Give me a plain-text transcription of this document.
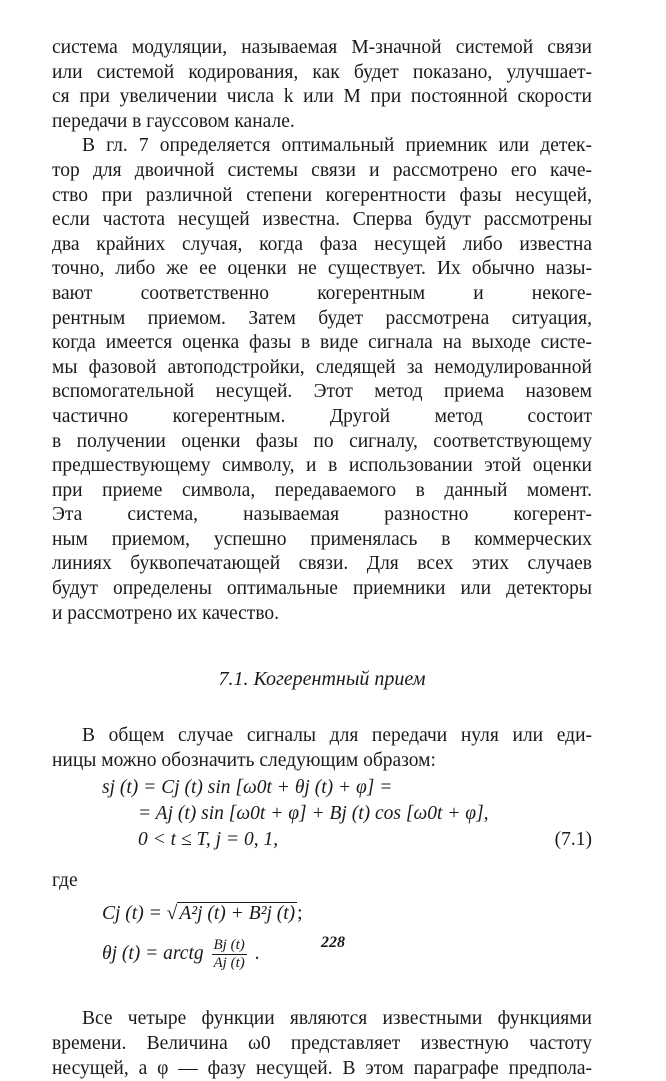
система модуляции, называемая M-значной системой связи
или системой кодирования, как будет показано, улучшает-
ся при увеличении числа k или M при постоянной скорости
передачи в гауссовом канале.

В гл. 7 определяется оптимальный приемник или детек-
тор для двоичной системы связи и рассмотрено его каче-
ство при различной степени когерентности фазы несущей,
если частота несущей известна. Сперва будут рассмотрены
два крайних случая, когда фаза несущей либо известна
точно, либо же ее оценки не существует. Их обычно назы-
вают соответственно когерентным и некоге-
рентным приемом. Затем будет рассмотрена ситуация,
когда имеется оценка фазы в виде сигнала на выходе систе-
мы фазовой автоподстройки, следящей за немодулированной
вспомогательной несущей. Этот метод приема назовем
частично когерентным. Другой метод состоит
в получении оценки фазы по сигналу, соответствующему
предшествующему символу, и в использовании этой оценки
при приеме символа, передаваемого в данный момент.
Эта система, называемая разностно когерент-
ным приемом, успешно применялась в коммерческих
линиях буквопечатающей связи. Для всех этих случаев
будут определены оптимальные приемники или детекторы
и рассмотрено их качество.

7.1. Когерентный прием

В общем случае сигналы для передачи нуля или еди-
ницы можно обозначить следующим образом:

sj (t) = Cj (t) sin [ω0t + θj (t) + φ] =
= Aj (t) sin [ω0t + φ] + Bj (t) cos [ω0t + φ],
0 < t ≤ T, j = 0, 1,	(7.1)
где
Cj (t) = √ A²j (t) + B²j (t) ;
θj (t) = arctg $\frac{Bj (t)}{Aj (t)}$ .

Все четыре функции являются известными функциями
времени. Величина ω0 представляет известную частоту
несущей, а φ — фазу несущей. В этом параграфе предпола-

228
